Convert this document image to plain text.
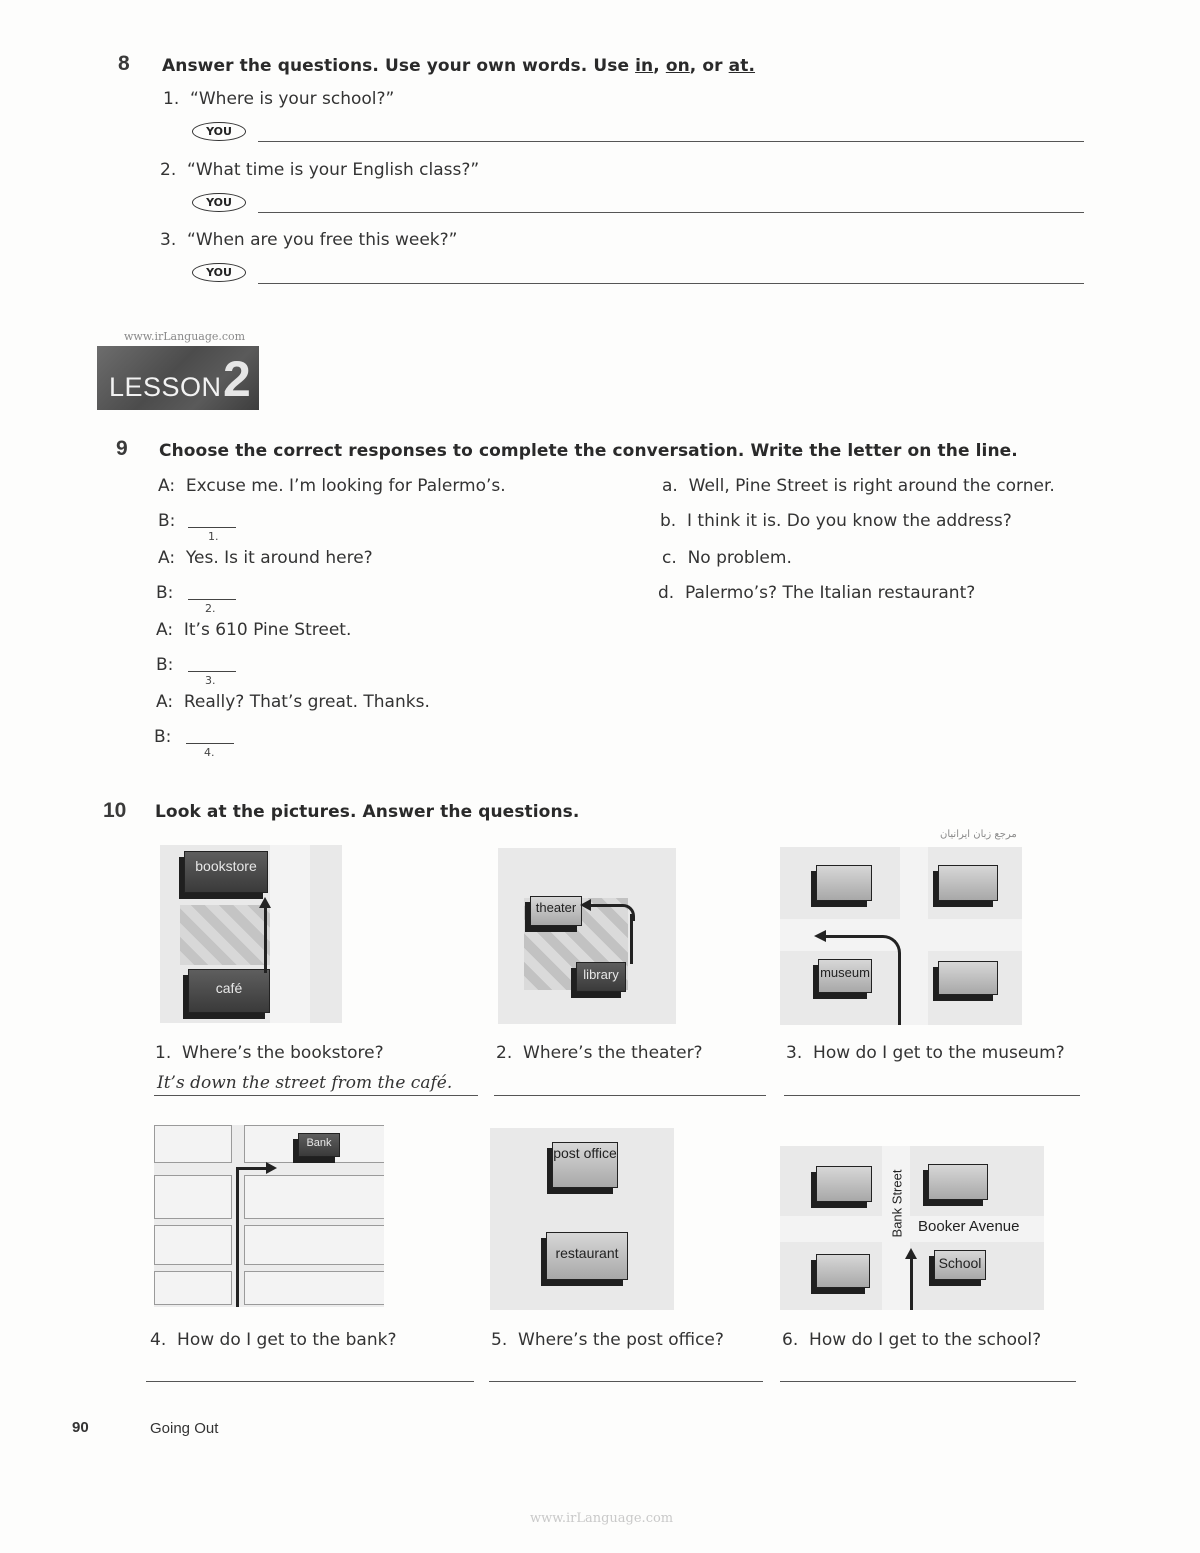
8 Answer the questions. Use your own words. Use in, on, or at.
1. “Where is your school?”
YOU
2. “What time is your English class?”
YOU
3. “When are you free this week?”
YOU
www.irLanguage.com
LESSON 2
9 Choose the correct responses to complete the conversation. Write the letter on the line.
A: Excuse me. I’m looking for Palermo’s.
B:
1.
A: Yes. Is it around here?
B:
2.
A: It’s 610 Pine Street.
B:
3.
A: Really? That’s great. Thanks.
B:
4.
a. Well, Pine Street is right around the corner.
b. I think it is. Do you know the address?
c. No problem.
d. Palermo’s? The Italian restaurant?
10 Look at the pictures. Answer the questions.
مرجع زبان ایرانیان
bookstore
café
theater
library	museum
1. Where’s the bookstore?
It’s down the street from the café.
2. Where’s the theater?	3. How do I get to the museum?
Bank
post office
restaurant
School
Bank Street Booker Avenue
4. How do I get to the bank?	5. Where’s the post office?	6. How do I get to the school?
90	Going Out
www.irLanguage.com
